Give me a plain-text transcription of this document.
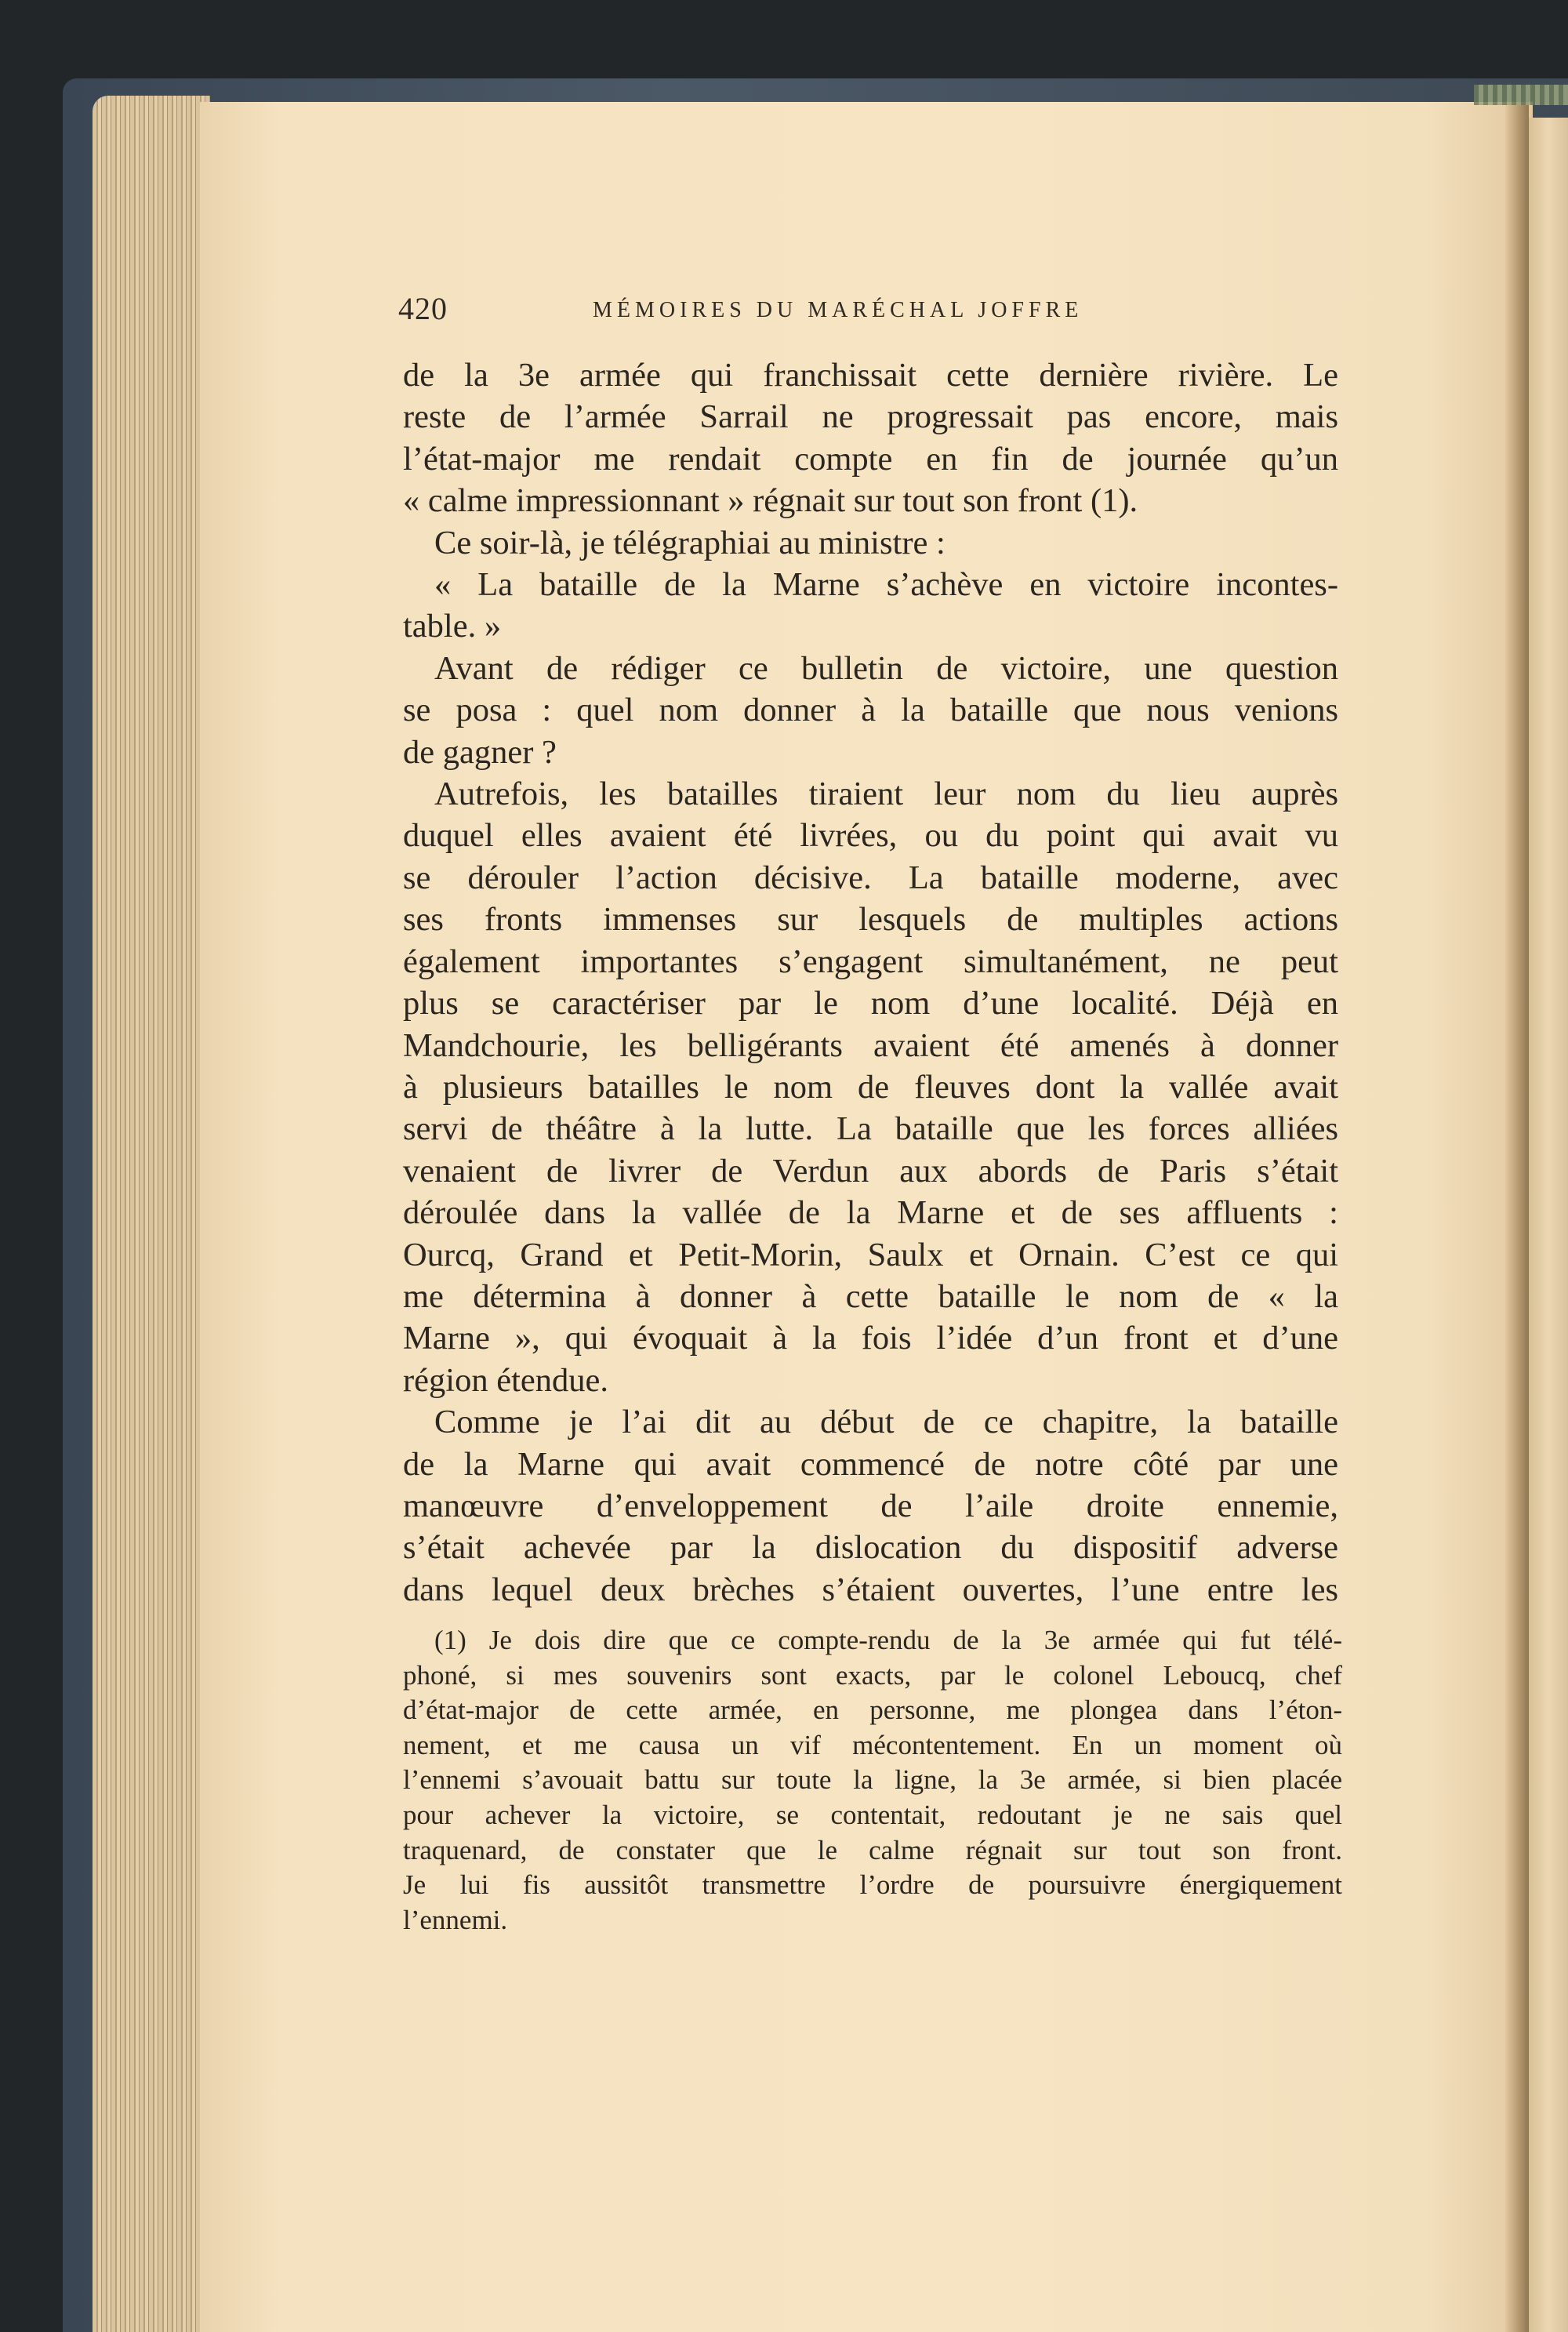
420	MÉMOIRES DU MARÉCHAL JOFFRE
de la 3e armée qui franchissait cette dernière rivière. Le
reste de l’armée Sarrail ne progressait pas encore, mais
l’état-major me rendait compte en fin de journée qu’un
« calme impressionnant » régnait sur tout son front (1).
Ce soir-là, je télégraphiai au ministre :
« La bataille de la Marne s’achève en victoire incontes-
table. »
Avant de rédiger ce bulletin de victoire, une question
se posa : quel nom donner à la bataille que nous venions
de gagner ?
Autrefois, les batailles tiraient leur nom du lieu auprès
duquel elles avaient été livrées, ou du point qui avait vu
se dérouler l’action décisive. La bataille moderne, avec
ses fronts immenses sur lesquels de multiples actions
également importantes s’engagent simultanément, ne peut
plus se caractériser par le nom d’une localité. Déjà en
Mandchourie, les belligérants avaient été amenés à donner
à plusieurs batailles le nom de fleuves dont la vallée avait
servi de théâtre à la lutte. La bataille que les forces alliées
venaient de livrer de Verdun aux abords de Paris s’était
déroulée dans la vallée de la Marne et de ses affluents :
Ourcq, Grand et Petit-Morin, Saulx et Ornain. C’est ce qui
me détermina à donner à cette bataille le nom de « la
Marne », qui évoquait à la fois l’idée d’un front et d’une
région étendue.
Comme je l’ai dit au début de ce chapitre, la bataille
de la Marne qui avait commencé de notre côté par une
manœuvre d’enveloppement de l’aile droite ennemie,
s’était achevée par la dislocation du dispositif adverse
dans lequel deux brèches s’étaient ouvertes, l’une entre les
(1) Je dois dire que ce compte-rendu de la 3e armée qui fut télé-
phoné, si mes souvenirs sont exacts, par le colonel Leboucq, chef
d’état-major de cette armée, en personne, me plongea dans l’éton-
nement, et me causa un vif mécontentement. En un moment où
l’ennemi s’avouait battu sur toute la ligne, la 3e armée, si bien placée
pour achever la victoire, se contentait, redoutant je ne sais quel
traquenard, de constater que le calme régnait sur tout son front.
Je lui fis aussitôt transmettre l’ordre de poursuivre énergiquement
l’ennemi.
